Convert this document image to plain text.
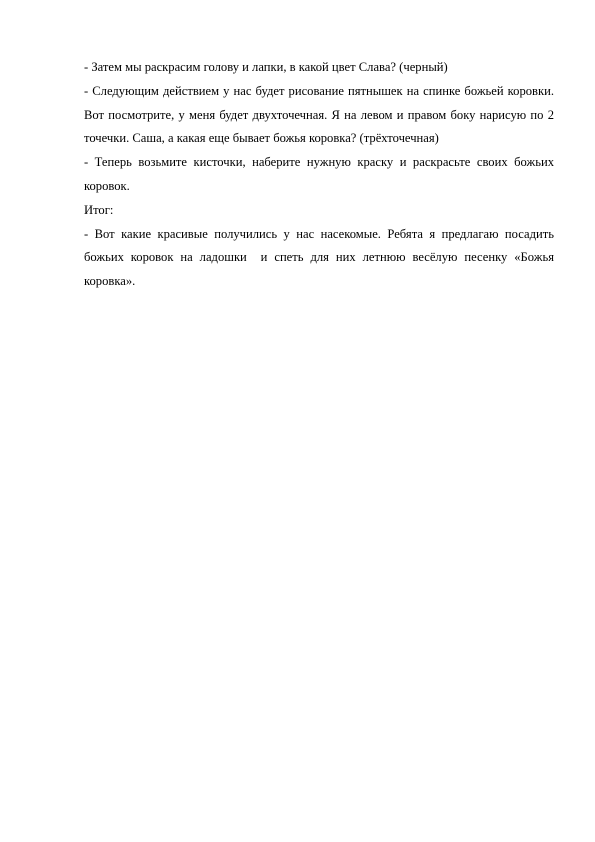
- Затем мы раскрасим голову и лапки, в какой цвет Слава? (черный)

- Следующим действием у нас будет рисование пятнышек на спинке божьей коровки. Вот посмотрите, у меня будет двухточечная. Я на левом и правом боку нарисую по 2 точечки. Саша, а какая еще бывает божья коровка? (трёхточечная)

- Теперь возьмите кисточки, наберите нужную краску и раскрасьте своих божьих коровок.

Итог:

- Вот какие красивые получились у нас насекомые. Ребята я предлагаю посадить божьих коровок на ладошки  и спеть для них летнюю весёлую песенку «Божья коровка».
